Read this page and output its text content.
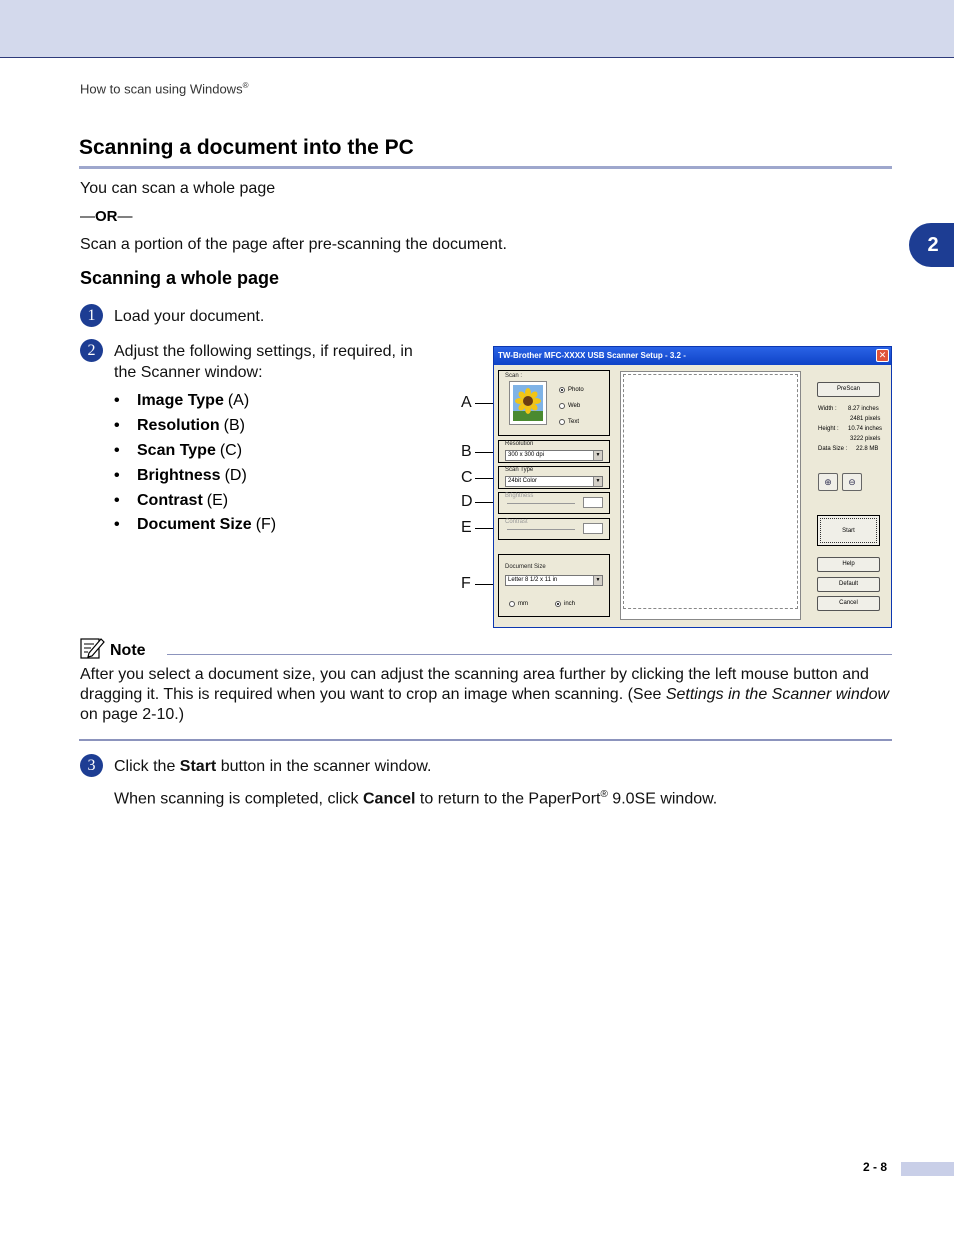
How to scan using Windows®
2
Scanning a document into the PC
You can scan a whole page
—OR—
Scan a portion of the page after pre-scanning the document.
Scanning a whole page
1	Load your document.
2	Adjust the following settings, if required, in
the Scanner window:
•	Image Type (A)
•	Resolution (B)
•	Scan Type (C)
•	Brightness (D)
•	Contrast (E)
•	Document Size (F)
A
B
C
D
E
F
TW-Brother MFC-XXXX USB Scanner Setup - 3.2 -	✕
Scan :
Photo
Web
Text
Resolution
300 x 300 dpi	▼
Scan Type
24bit Color	▼
Brightness
Contrast
Document Size
Letter 8 1/2 x 11 in	▼
mm	inch
PreScan
Width : 8.27 inches
2481 pixels
Height : 10.74 inches
3222 pixels
Data Size : 22.8 MB
⊕	⊖
Start
Help
Default
Cancel
Note
After you select a document size, you can adjust the scanning area further by clicking the left mouse button and dragging it. This is required when you want to crop an image when scanning. (See Settings in the Scanner window on page 2-10.)
3	Click the Start button in the scanner window.
When scanning is completed, click Cancel to return to the PaperPort® 9.0SE window.
2 - 8
